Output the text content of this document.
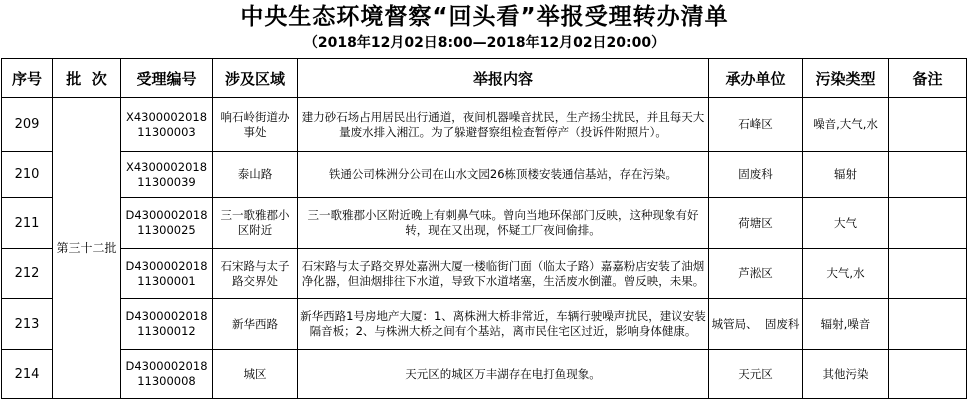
中央生态环境督察“回头看”举报受理转办清单
（2018年12月02日8:00—2018年12月02日20:00）
序号	批  次	受理编号	涉及区域	举报内容	承办单位	污染类型	备注
209	第三十二批	X430000201811300003	响石岭街道办事处	建力砂石场占用居民出行通道，夜间机器噪音扰民，生产扬尘扰民，并且每天大量废水排入湘江。为了躲避督察组检查暂停产（投诉件附照片）。	石峰区	噪音,大气,水	
210		X430000201811300039	泰山路	铁通公司株洲分公司在山水文园26栋顶楼安装通信基站，存在污染。	固废科	辐射	
211		D430000201811300025	三一歌雅郡小区附近	三一歌雅郡小区附近晚上有刺鼻气味。曾向当地环保部门反映，这种现象有好转，现在又出现，怀疑工厂夜间偷排。	荷塘区	大气	
212		D430000201811300001	石宋路与太子路交界处	石宋路与太子路交界处嘉洲大厦一楼临街门面（临太子路）嘉嘉粉店安装了油烟净化器，但油烟排往下水道，导致下水道堵塞，生活废水倒灌。曾反映，未果。	芦淞区	大气,水	
213		D430000201811300012	新华西路	新华西路1号房地产大厦：1、离株洲大桥非常近，车辆行驶噪声扰民，建议安装隔音板；2、与株洲大桥之间有个基站，离市民住宅区过近，影响身体健康。	城管局、  固废科	辐射,噪音	
214		D430000201811300008	城区	天元区的城区万丰湖存在电打鱼现象。	天元区	其他污染	
